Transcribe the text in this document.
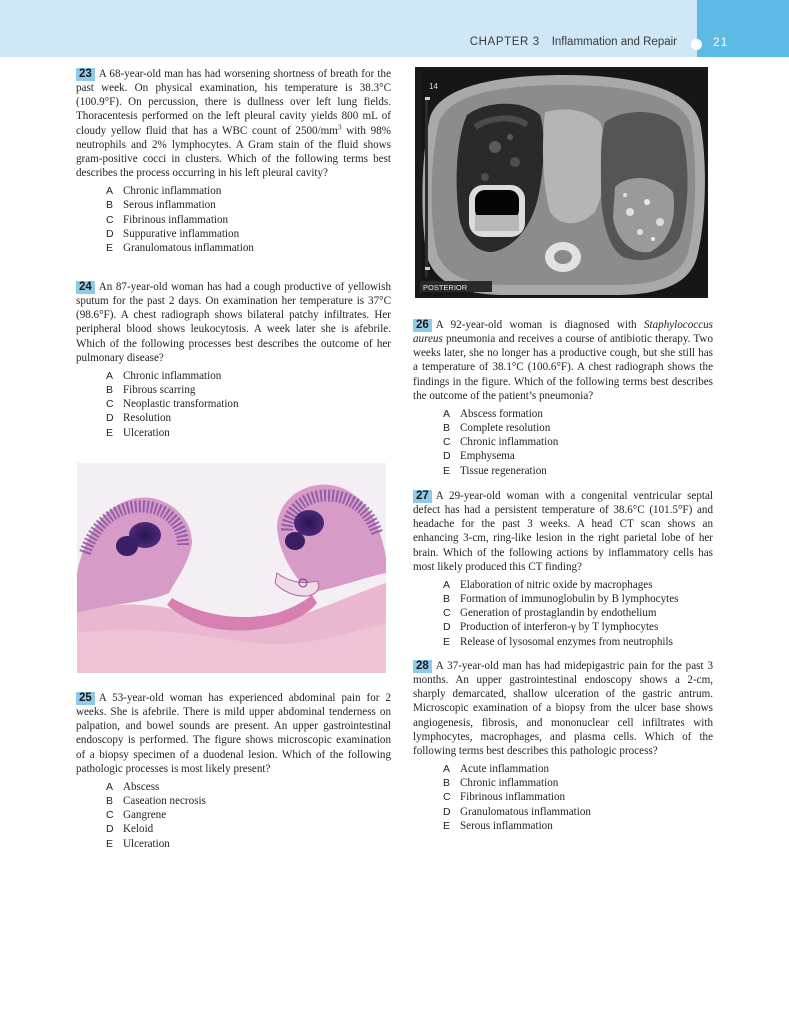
CHAPTER 3 Inflammation and Repair	21
23 A 68-year-old man has had worsening shortness of breath for the past week. On physical examination, his temperature is 38.3°C (100.9°F). On percussion, there is dullness over left lung fields. Thoracentesis performed on the left pleural cavity yields 800 mL of cloudy yellow fluid that has a WBC count of $2500/mm^3$ with 98% neutrophils and 2% lymphocytes. A Gram stain of the fluid shows gram-positive cocci in clusters. Which of the following terms best describes the process occurring in his left pleural cavity?
A Chronic inflammation
B Serous inflammation
C Fibrinous inflammation
D Suppurative inflammation
E Granulomatous inflammation
24 An 87-year-old woman has had a cough productive of yellowish sputum for the past 2 days. On examination her temperature is 37°C (98.6°F). A chest radiograph shows bilateral patchy infiltrates. Her peripheral blood shows leukocytosis. A week later she is afebrile. Which of the following processes best describes the outcome of her pulmonary disease?
A Chronic inflammation
B Fibrous scarring
C Neoplastic transformation
D Resolution
E Ulceration
25 A 53-year-old woman has experienced abdominal pain for 2 weeks. She is afebrile. There is mild upper abdominal tenderness on palpation, and bowel sounds are present. An upper gastrointestinal endoscopy is performed. The figure shows microscopic examination of a biopsy specimen of a duodenal lesion. Which of the following pathologic processes is most likely present?
A Abscess
B Caseation necrosis
C Gangrene
D Keloid
E Ulceration
14
POSTERIOR
26 A 92-year-old woman is diagnosed with Staphylococcus aureus pneumonia and receives a course of antibiotic therapy. Two weeks later, she no longer has a productive cough, but she still has a temperature of 38.1°C (100.6°F). A chest radiograph shows the findings in the figure. Which of the following terms best describes the outcome of the patient’s pneumonia?
A Abscess formation
B Complete resolution
C Chronic inflammation
D Emphysema
E Tissue regeneration
27 A 29-year-old woman with a congenital ventricular septal defect has had a persistent temperature of 38.6°C (101.5°F) and headache for the past 3 weeks. A head CT scan shows an enhancing 3-cm, ring-like lesion in the right parietal lobe of her brain. Which of the following actions by inflammatory cells has most likely produced this CT finding?
A Elaboration of nitric oxide by macrophages
B Formation of immunoglobulin by B lymphocytes
C Generation of prostaglandin by endothelium
D Production of interferon-γ by T lymphocytes
E Release of lysosomal enzymes from neutrophils
28 A 37-year-old man has had midepigastric pain for the past 3 months. An upper gastrointestinal endoscopy shows a 2-cm, sharply demarcated, shallow ulceration of the gastric antrum. Microscopic examination of a biopsy from the ulcer base shows angiogenesis, fibrosis, and mononuclear cell infiltrates with lymphocytes, macrophages, and plasma cells. Which of the following terms best describes this pathologic process?
A Acute inflammation
B Chronic inflammation
C Fibrinous inflammation
D Granulomatous inflammation
E Serous inflammation
